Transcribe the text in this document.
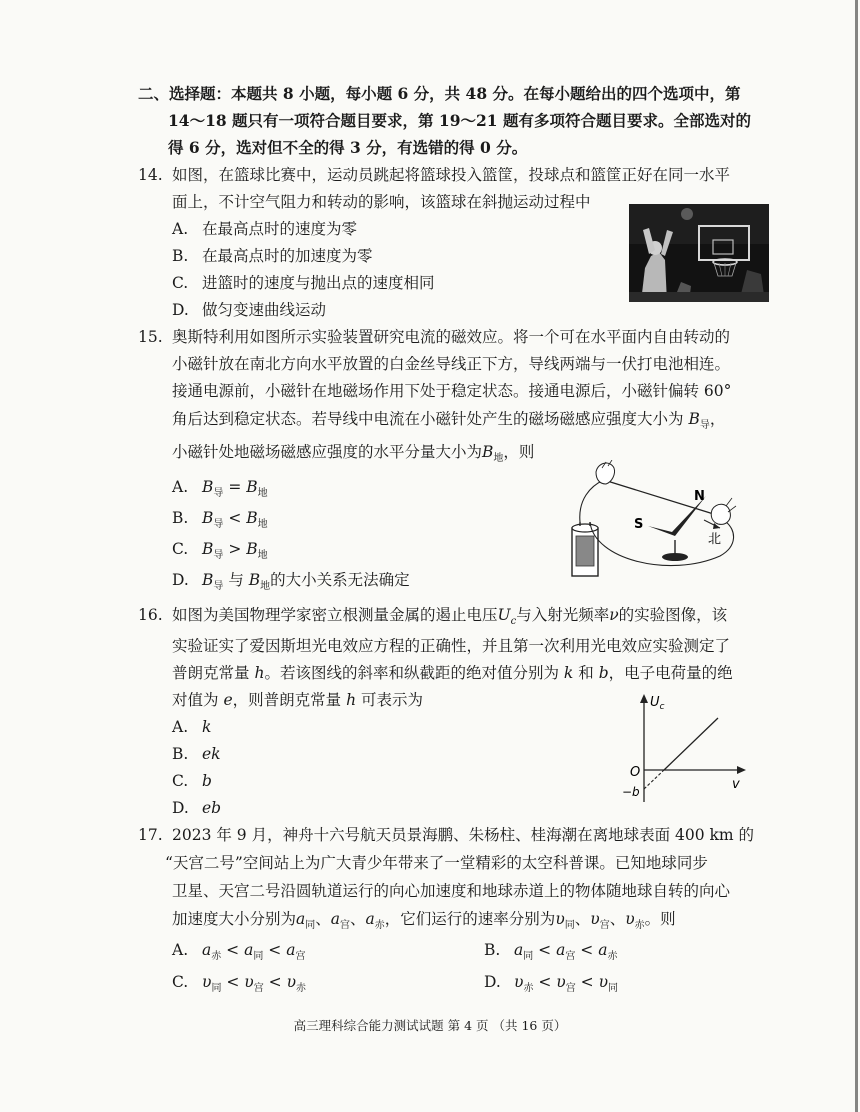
二、选择题：本题共 8 小题，每小题 6 分，共 48 分。在每小题给出的四个选项中，第
14～18 题只有一项符合题目要求，第 19～21 题有多项符合题目要求。全部选对的
得 6 分，选对但不全的得 3 分，有选错的得 0 分。
14. 如图，在篮球比赛中，运动员跳起将篮球投入篮筐，投球点和篮筐正好在同一水平
面上，不计空气阻力和转动的影响，该篮球在斜抛运动过程中
A. 在最高点时的速度为零
B. 在最高点时的加速度为零
C. 进篮时的速度与抛出点的速度相同
D. 做匀变速曲线运动
15. 奥斯特利用如图所示实验装置研究电流的磁效应。将一个可在水平面内自由转动的
小磁针放在南北方向水平放置的白金丝导线正下方，导线两端与一伏打电池相连。
接通电源前，小磁针在地磁场作用下处于稳定状态。接通电源后，小磁针偏转 60°
角后达到稳定状态。若导线中电流在小磁针处产生的磁场磁感应强度大小为 $B_导$，
小磁针处地磁场磁感应强度的水平分量大小为$B_地$，则
A. $B_导 = B_地$
B. $B_导 < B_地$
C. $B_导 > B_地$
D. $B_导$ 与 $B_地$的大小关系无法确定
S
N
北
16. 如图为美国物理学家密立根测量金属的遏止电压$U_c$与入射光频率ν的实验图像，该
实验证实了爱因斯坦光电效应方程的正确性，并且第一次利用光电效应实验测定了
普朗克常量 h。若该图线的斜率和纵截距的绝对值分别为 k 和 b，电子电荷量的绝
对值为 e，则普朗克常量 h 可表示为
A. k
B. ek
C. b
D. eb
$U_c$
v
O
−b
17. 2023 年 9 月，神舟十六号航天员景海鹏、朱杨柱、桂海潮在离地球表面 400 km 的
“天宫二号”空间站上为广大青少年带来了一堂精彩的太空科普课。已知地球同步
卫星、天宫二号沿圆轨道运行的向心加速度和地球赤道上的物体随地球自转的向心
加速度大小分别为$a_同$、$a_宫$、$a_赤$，它们运行的速率分别为$\upsilon_同$、$\upsilon_宫$、$\upsilon_赤$。则
A. $a_赤 < a_同 < a_宫$	B. $a_同 < a_宫 < a_赤$
C. $\upsilon_同 < \upsilon_宫 < \upsilon_赤$	D. $\upsilon_赤 < \upsilon_宫 < \upsilon_同$
高三理科综合能力测试试题 第 4 页 （共 16 页）
